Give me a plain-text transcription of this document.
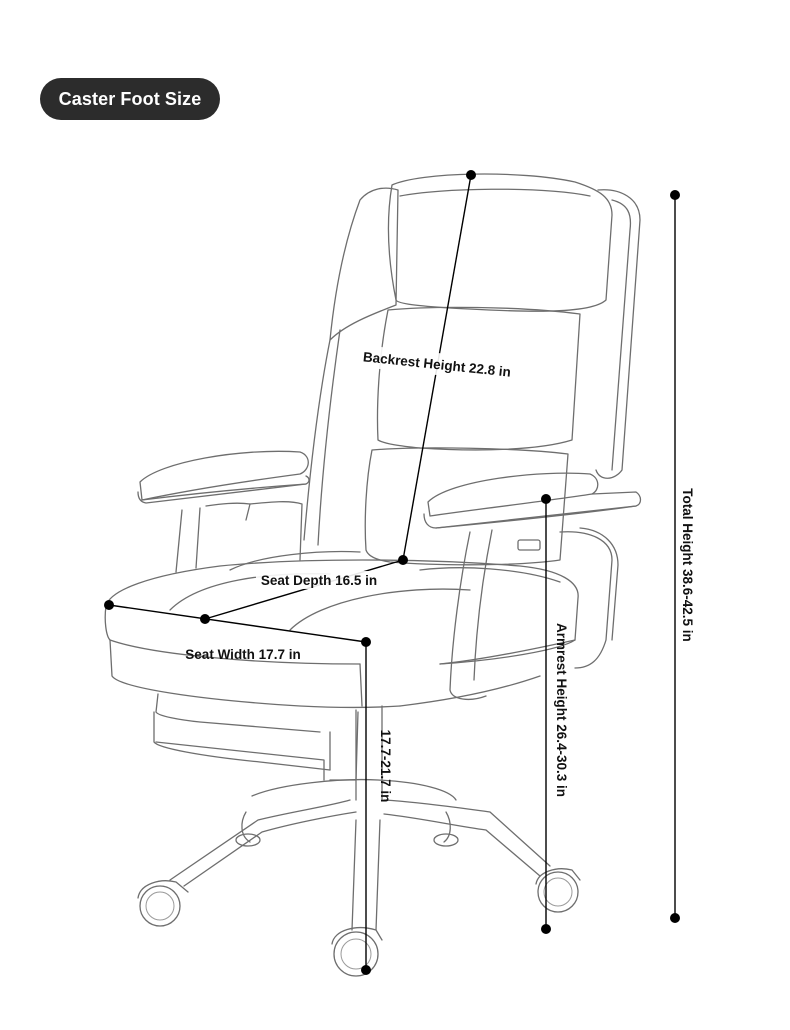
Caster Foot Size
Backrest Height 22.8 in
Seat Depth 16.5 in
Seat Width 17.7 in
17.7-21.7 in	Armrest Height 26.4-30.3 in
Total Height 38.6-42.5 in
